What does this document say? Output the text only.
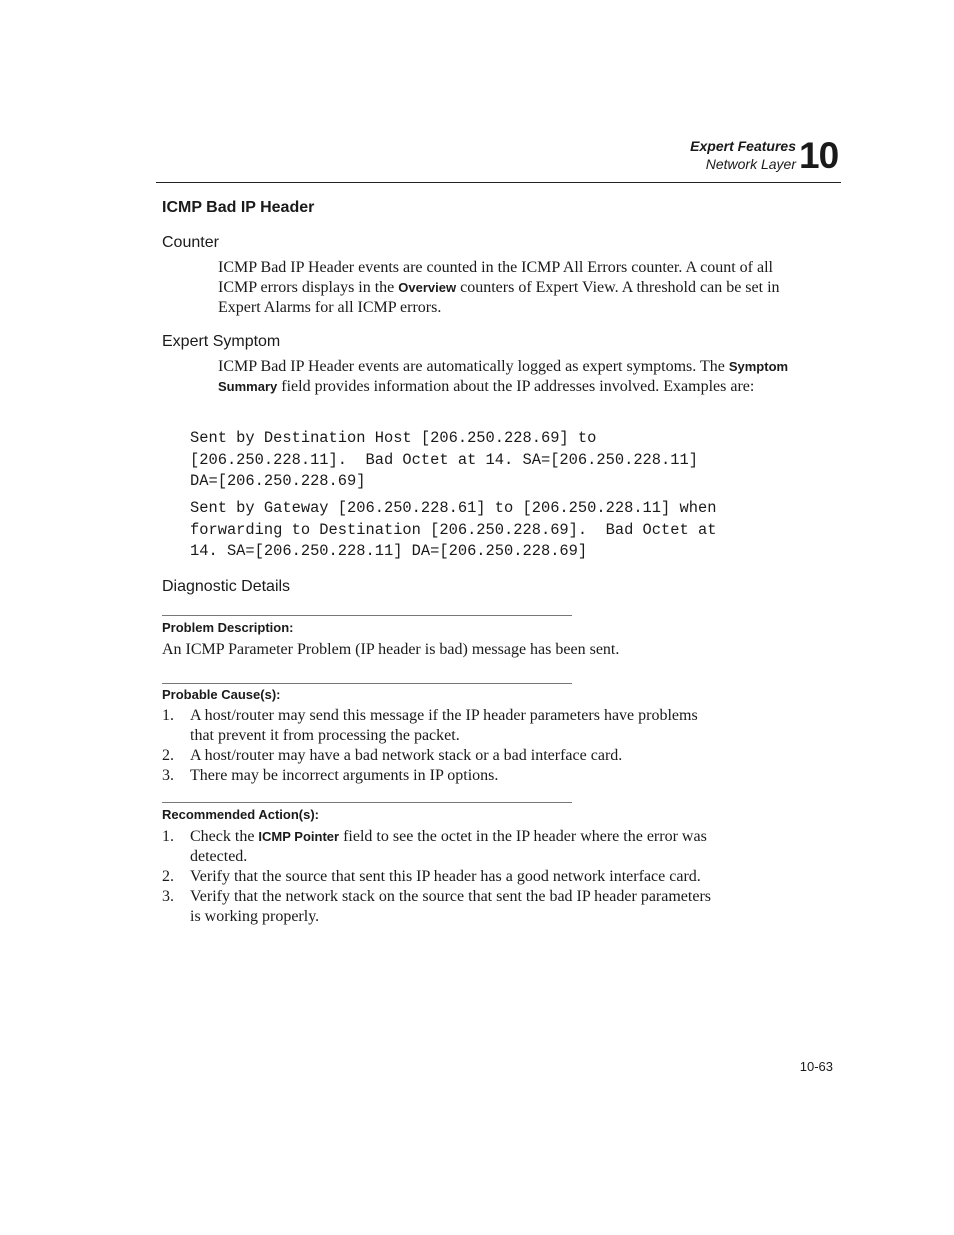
Expert Features
Network Layer 10
ICMP Bad IP Header
Counter
ICMP Bad IP Header events are counted in the ICMP All Errors counter. A count of all ICMP errors displays in the Overview counters of Expert View. A threshold can be set in Expert Alarms for all ICMP errors.
Expert Symptom
ICMP Bad IP Header events are automatically logged as expert symptoms. The Symptom Summary field provides information about the IP addresses involved. Examples are:
Sent by Destination Host [206.250.228.69] to
[206.250.228.11].  Bad Octet at 14. SA=[206.250.228.11]
DA=[206.250.228.69]
Sent by Gateway [206.250.228.61] to [206.250.228.11] when
forwarding to Destination [206.250.228.69].  Bad Octet at
14. SA=[206.250.228.11] DA=[206.250.228.69]
Diagnostic Details
Problem Description:
An ICMP Parameter Problem (IP header is bad) message has been sent.
Probable Cause(s):
1. A host/router may send this message if the IP header parameters have problems that prevent it from processing the packet.
2. A host/router may have a bad network stack or a bad interface card.
3. There may be incorrect arguments in IP options.
Recommended Action(s):
1. Check the ICMP Pointer field to see the octet in the IP header where the error was detected.
2. Verify that the source that sent this IP header has a good network interface card.
3. Verify that the network stack on the source that sent the bad IP header parameters is working properly.
10-63
